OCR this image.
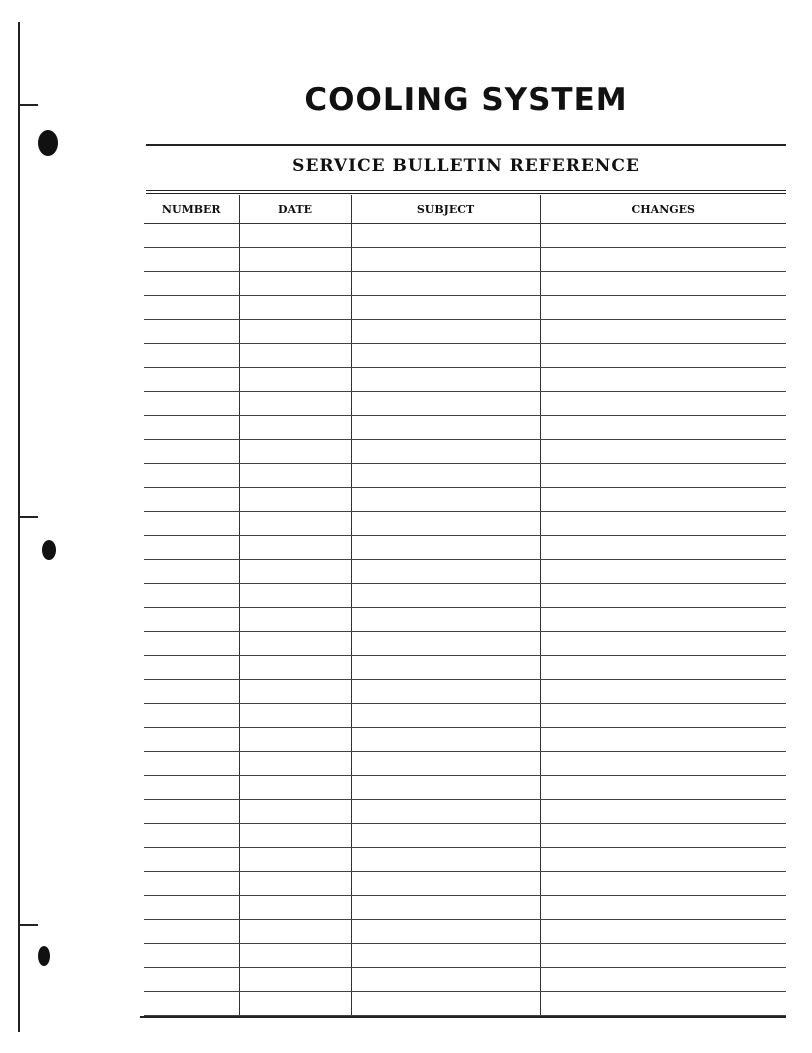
COOLING SYSTEM
SERVICE BULLETIN REFERENCE
NUMBER	DATE	SUBJECT	CHANGES
